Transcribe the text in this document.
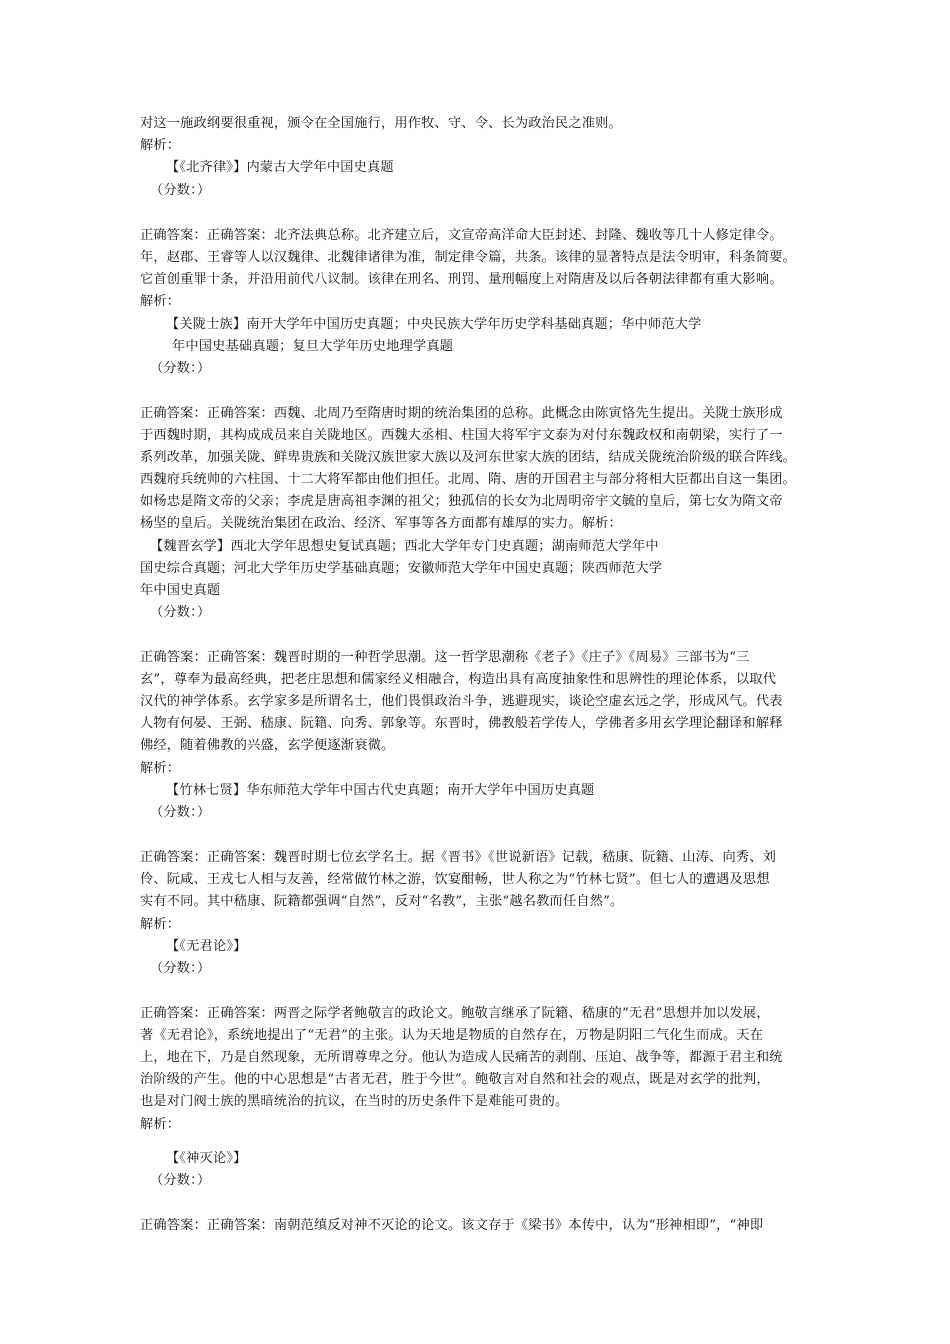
对这一施政纲要很重视，颁令在全国施行，用作牧、守、令、长为政治民之准则。
解析：
【《北齐律》】内蒙古大学年中国史真题
（分数：）
正确答案：正确答案：北齐法典总称。北齐建立后，文宣帝高洋命大臣封述、封隆、魏收等几十人修定律令。
年，赵郡、王睿等人以汉魏律、北魏律诸律为准，制定律令篇，共条。该律的显著特点是法令明审，科条简要。
它首创重罪十条，并沿用前代八议制。该律在刑名、刑罚、量刑幅度上对隋唐及以后各朝法律都有重大影响。
解析：
【关陇士族】南开大学年中国历史真题；中央民族大学年历史学科基础真题；华中师范大学
年中国史基础真题；复旦大学年历史地理学真题
（分数：）
正确答案：正确答案：西魏、北周乃至隋唐时期的统治集团的总称。此概念由陈寅恪先生提出。关陇士族形成
于西魏时期，其构成成员来自关陇地区。西魏大丞相、柱国大将军宇文泰为对付东魏政权和南朝梁，实行了一
系列改革，加强关陇、鲜卑贵族和关陇汉族世家大族以及河东世家大族的团结，结成关陇统治阶级的联合阵线。
西魏府兵统帅的六柱国、十二大将军都由他们担任。北周、隋、唐的开国君主与部分将相大臣都出自这一集团。
如杨忠是隋文帝的父亲；李虎是唐高祖李渊的祖父；独孤信的长女为北周明帝宇文毓的皇后，第七女为隋文帝
杨坚的皇后。关陇统治集团在政治、经济、军事等各方面都有雄厚的实力。解析：
【魏晋玄学】西北大学年思想史复试真题；西北大学年专门史真题；湖南师范大学年中
国史综合真题；河北大学年历史学基础真题；安徽师范大学年中国史真题；陕西师范大学
年中国史真题
（分数：）
正确答案：正确答案：魏晋时期的一种哲学思潮。这一哲学思潮称《老子》《庄子》《周易》三部书为“三
玄”，尊奉为最高经典，把老庄思想和儒家经义相融合，构造出具有高度抽象性和思辨性的理论体系，以取代
汉代的神学体系。玄学家多是所谓名士，他们畏惧政治斗争，逃避现实，谈论空虚玄远之学，形成风气。代表
人物有何晏、王弼、嵇康、阮籍、向秀、郭象等。东晋时，佛教般若学传人，学佛者多用玄学理论翻译和解释
佛经，随着佛教的兴盛，玄学便逐渐衰微。
解析：
【竹林七贤】华东师范大学年中国古代史真题；南开大学年中国历史真题
（分数：）
正确答案：正确答案：魏晋时期七位玄学名士。据《晋书》《世说新语》记载，嵇康、阮籍、山涛、向秀、刘
伶、阮咸、王戎七人相与友善，经常做竹林之游，饮宴酣畅，世人称之为“竹林七贤”。但七人的遭遇及思想
实有不同。其中嵇康、阮籍都强调“自然”，反对“名教”，主张“越名教而任自然”。
解析：
【《无君论》】
（分数：）
正确答案：正确答案：两晋之际学者鲍敬言的政论文。鲍敬言继承了阮籍、嵇康的“无君”思想并加以发展，
著《无君论》，系统地提出了“无君”的主张。认为天地是物质的自然存在，万物是阴阳二气化生而成。天在
上，地在下，乃是自然现象，无所谓尊卑之分。他认为造成人民痛苦的剥削、压迫、战争等，都源于君主和统
治阶级的产生。他的中心思想是“古者无君，胜于今世”。鲍敬言对自然和社会的观点，既是对玄学的批判，
也是对门阀士族的黑暗统治的抗议，在当时的历史条件下是难能可贵的。
解析：
【《神灭论》】
（分数：）
正确答案：正确答案：南朝范缜反对神不灭论的论文。该文存于《梁书》本传中，认为“形神相即”，“神即
